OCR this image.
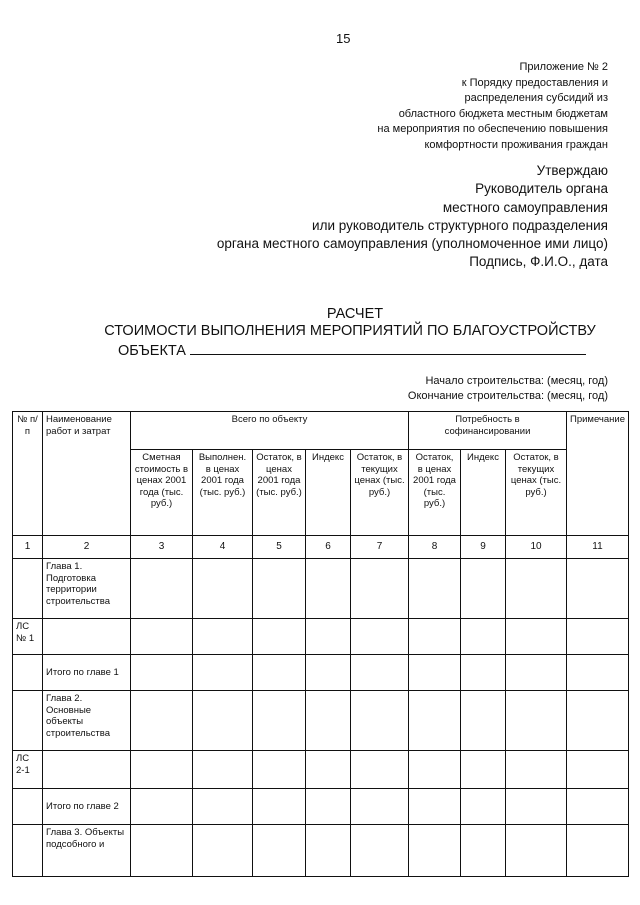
15
Приложение № 2
к Порядку предоставления и
распределения субсидий из
областного бюджета местным бюджетам
на мероприятия по обеспечению повышения
комфортности проживания граждан
Утверждаю
Руководитель органа
местного самоуправления
или руководитель структурного подразделения
органа местного самоуправления (уполномоченное ими лицо)
Подпись, Ф.И.О., дата
РАСЧЕТ
СТОИМОСТИ ВЫПОЛНЕНИЯ МЕРОПРИЯТИЙ ПО БЛАГОУСТРОЙСТВУ
ОБЪЕКТА
Начало строительства: (месяц, год)
Окончание строительства: (месяц, год)
№ п/п	Наименование работ и затрат	Всего по объекту					Потребность в софинансировании			Примечание
		Сметная стоимость в ценах 2001 года (тыс. руб.)	Выполнен. в ценах 2001 года (тыс. руб.)	Остаток, в ценах 2001 года (тыс. руб.)	Индекс	Остаток, в текущих ценах (тыс. руб.)	Остаток, в ценах 2001 года (тыс. руб.)	Индекс	Остаток, в текущих ценах (тыс. руб.)	
1	2	3	4	5	6	7	8	9	10	11
	Глава 1. Подготовка территории строительства									
ЛС № 1										
	Итого по главе 1									
	Глава 2. Основные объекты строительства									
ЛС 2-1										
	Итого по главе 2									
	Глава 3. Объекты подсобного и									
